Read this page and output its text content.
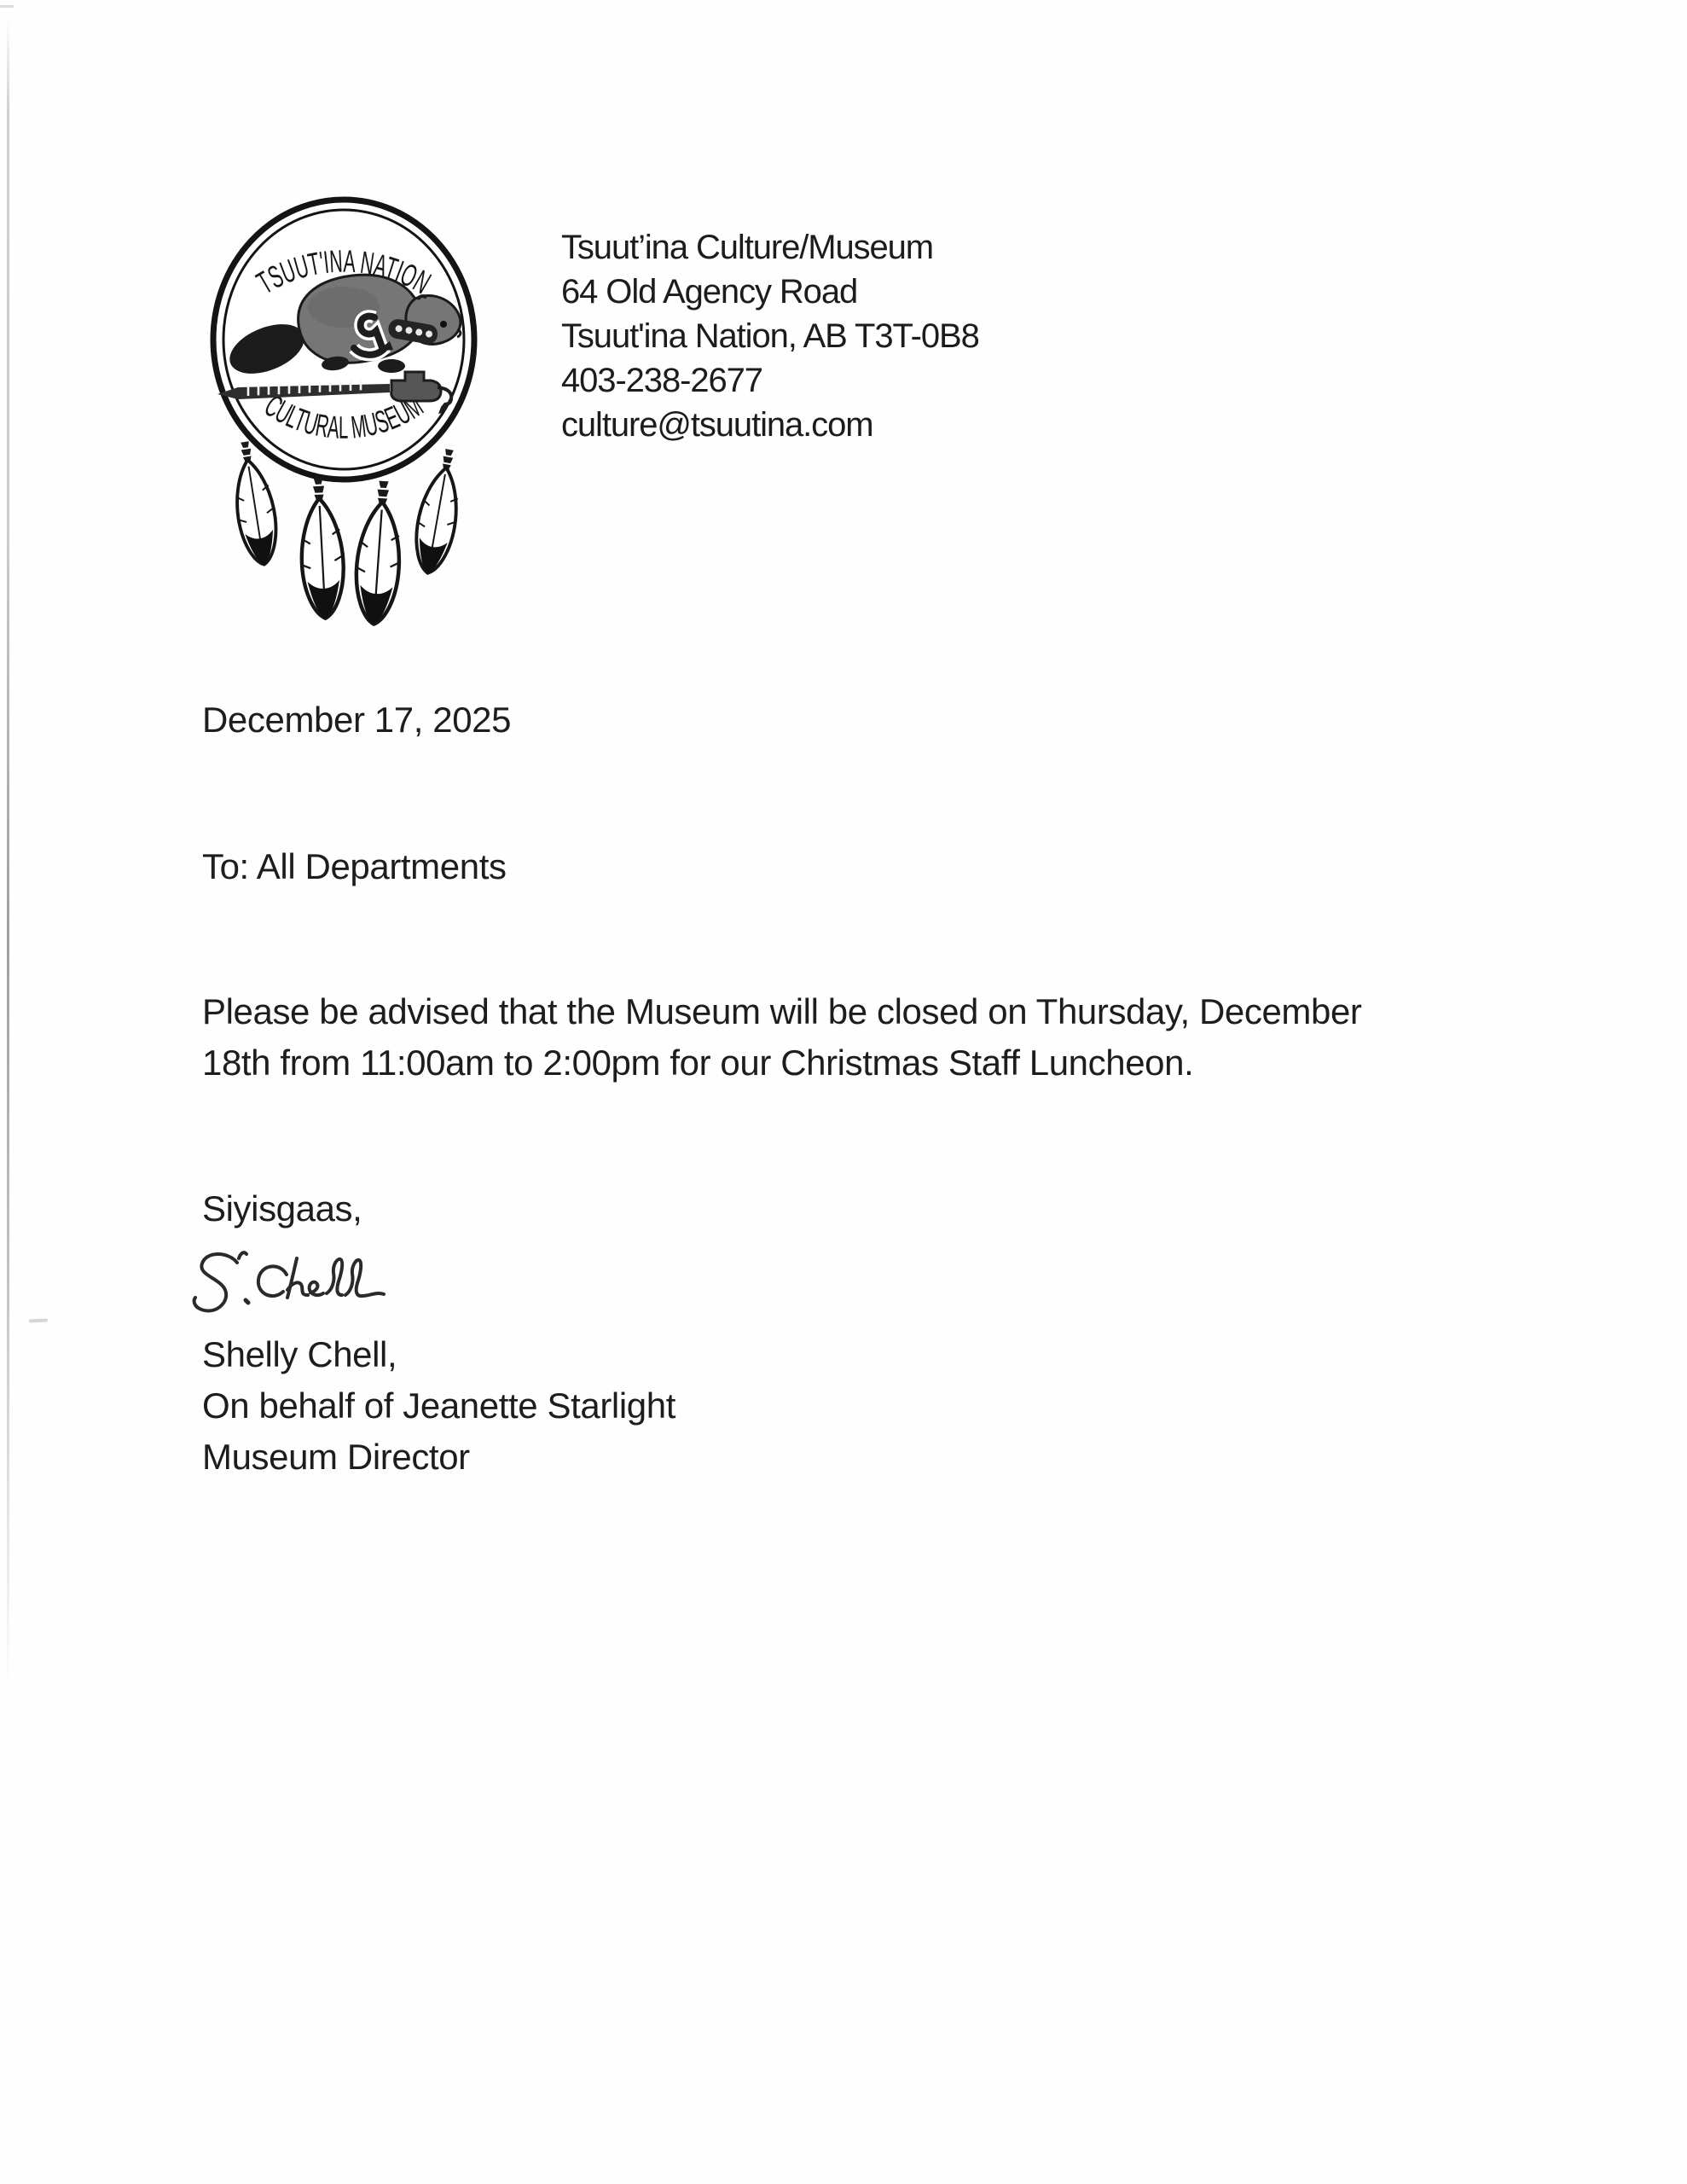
TSUUT'INA NATION
CULTURAL MUSEUM
Tsuut’ina Culture/Museum
64 Old Agency Road
Tsuut'ina Nation, AB T3T-0B8
403-238-2677
culture@tsuutina.com
December 17, 2025
To: All Departments
Please be advised that the Museum will be closed on Thursday, December
18th from 11:00am to 2:00pm for our Christmas Staff Luncheon.
Siyisgaas,
Shelly Chell,
On behalf of Jeanette Starlight
Museum Director
